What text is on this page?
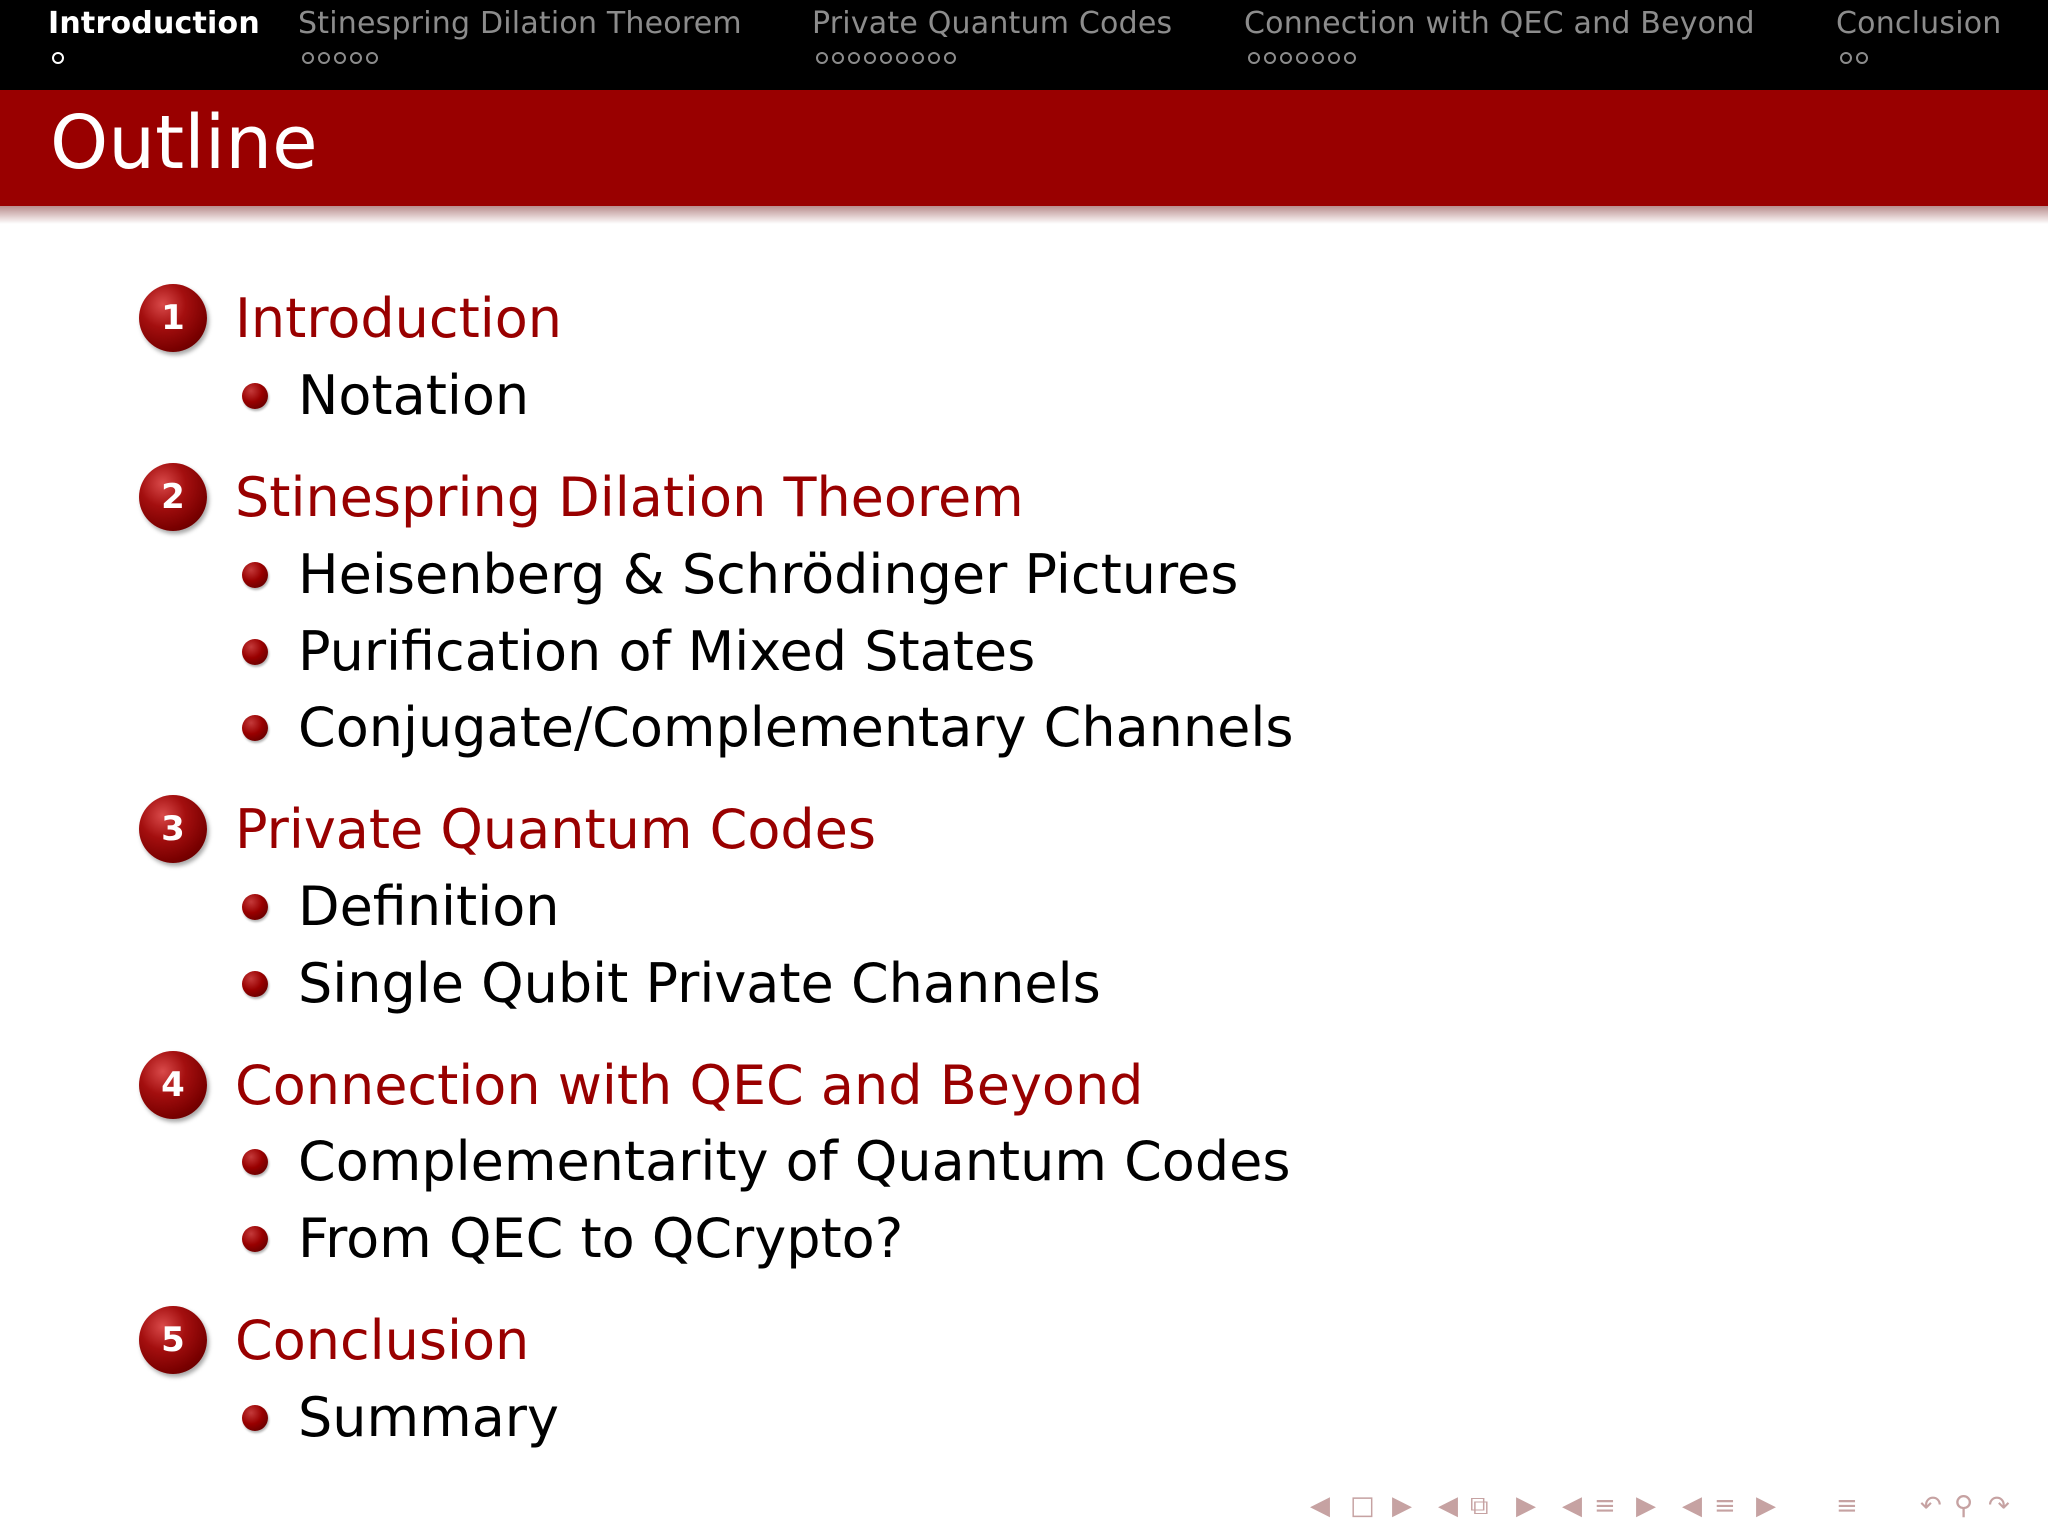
Introduction Stinespring Dilation Theorem Private Quantum Codes Connection with QEC and Beyond	Conclusion
Outline
1 Introduction
Notation
2 Stinespring Dilation Theorem
Heisenberg & Schrödinger Pictures
Purification of Mixed States
Conjugate/Complementary Channels
3 Private Quantum Codes
Definition
Single Qubit Private Channels
4 Connection with QEC and Beyond
Complementarity of Quantum Codes
From QEC to QCrypto?
5 Conclusion
Summary
◀ □ ▶ ◀ ⧉ ▶ ◀ ≡ ▶ ◀ ≡ ▶ ≡ ↶ ⚲ ↷
